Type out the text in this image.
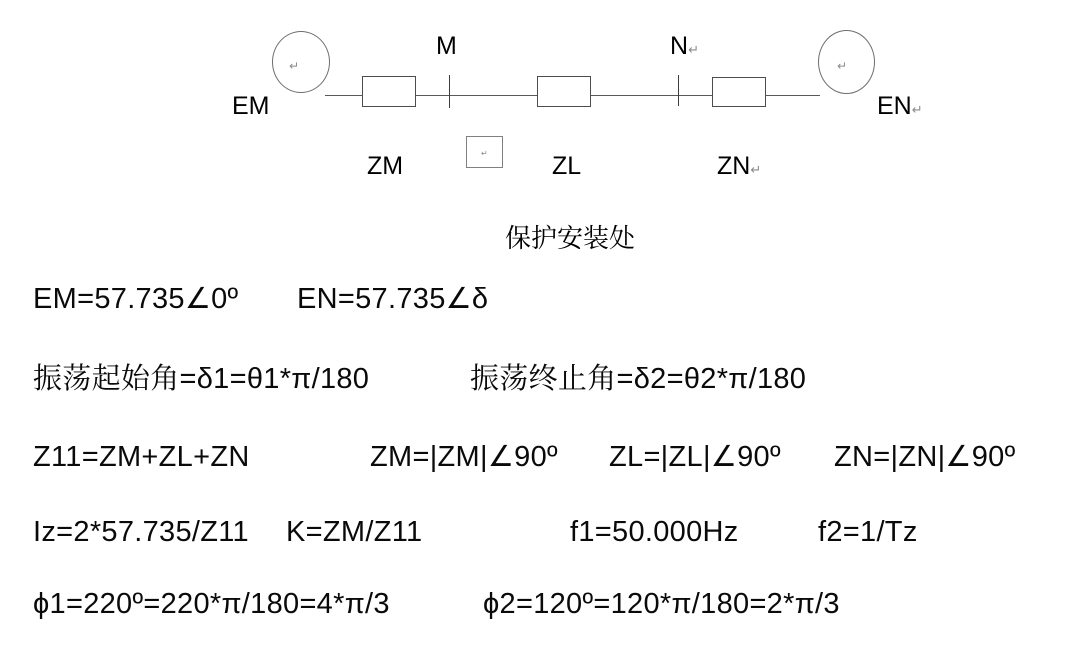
↵	↵
↵
EM	EN↵
M	N↵
ZM	ZL	ZN↵
保护安装处
EM=57.735∠0º EN=57.735∠δ
振荡起始角=δ1=θ1*π/180	振荡终止角=δ2=θ2*π/180
Z11=ZM+ZL+ZN	ZM=|ZM|∠90º ZL=|ZL|∠90º ZN=|ZN|∠90º
Iz=2*57.735/Z11 K=ZM/Z11	f1=50.000Hz	f2=1/Tz
ϕ1=220º=220*π/180=4*π/3	ϕ2=120º=120*π/180=2*π/3
